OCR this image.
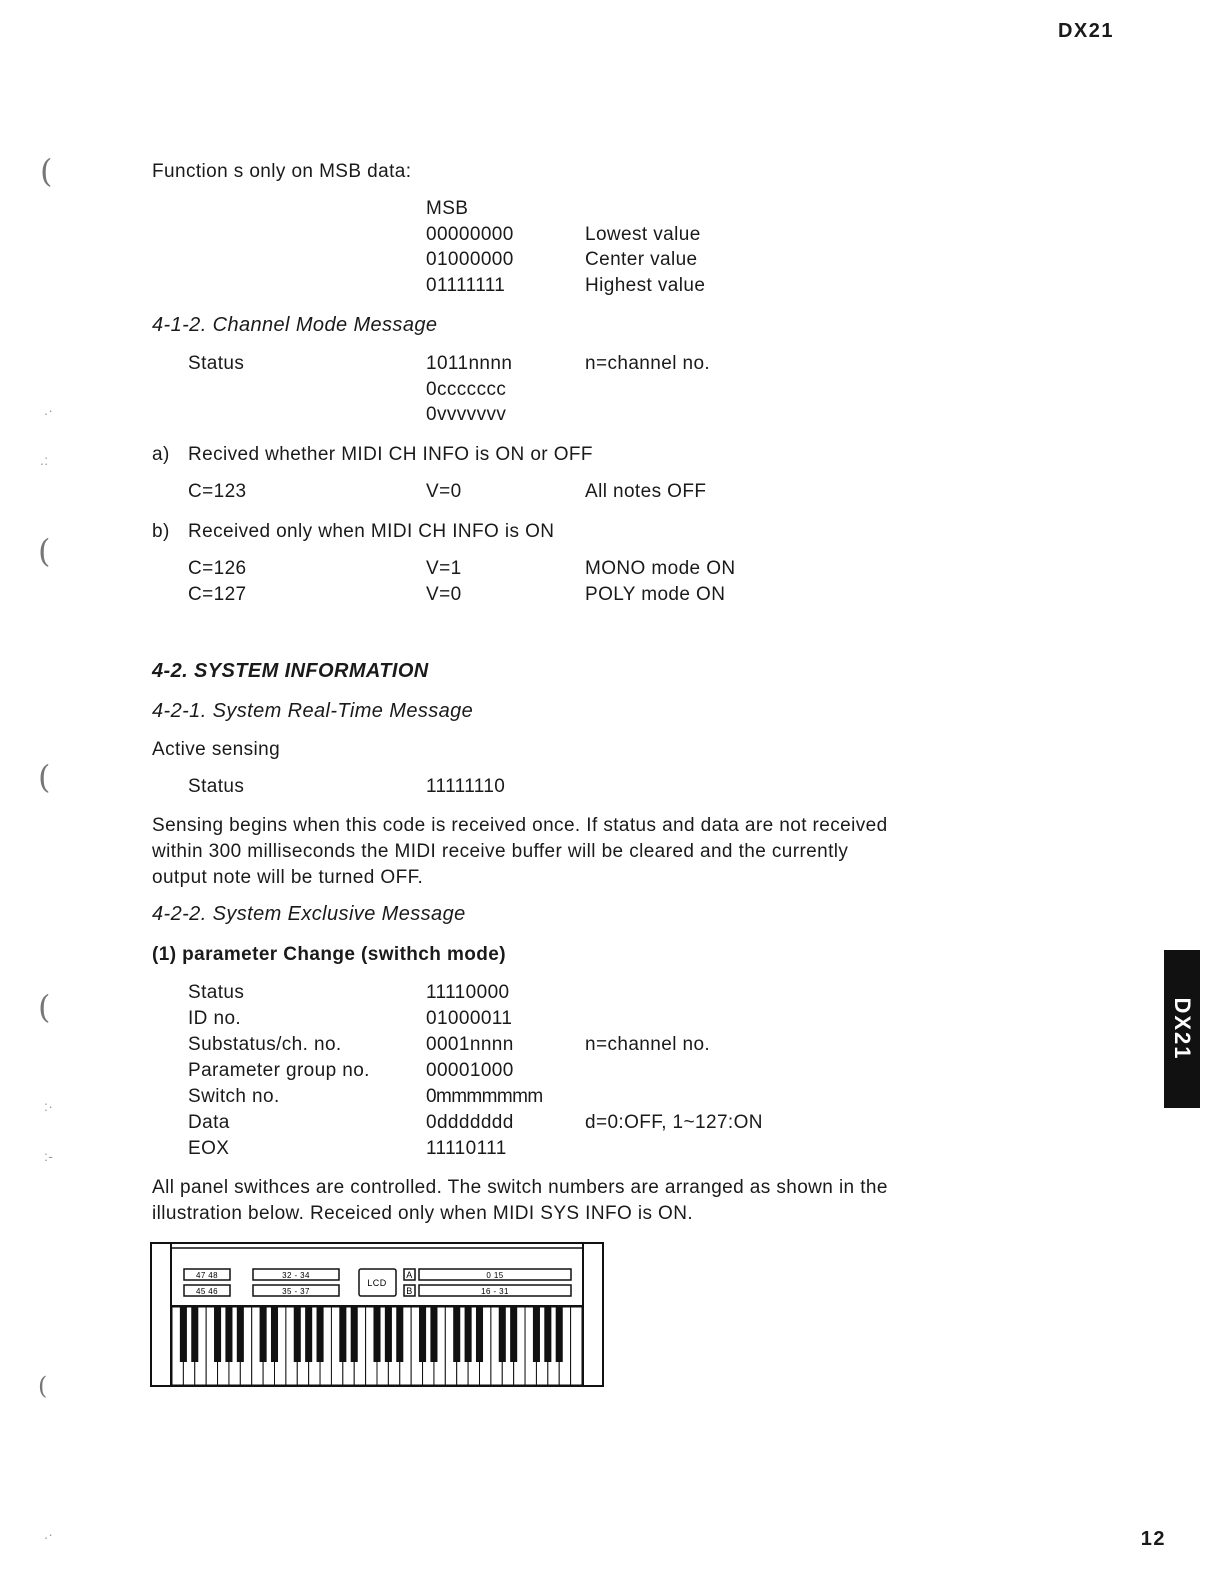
DX21
12
DX21
(
(
(
(
(
.·
.:
:·
:-
.·
Function s only on MSB data:
MSB
00000000	Lowest value
01000000	Center value
01111111	Highest value
4-1-2. Channel Mode Message
Status	1011nnnn	n=channel no.
0ccccccc
0vvvvvvv
a) Recived whether MIDI CH INFO is ON or OFF
C=123	V=0	All notes OFF
b) Received only when MIDI CH INFO is ON
C=126	V=1	MONO mode ON
C=127	V=0	POLY mode ON
4-2. SYSTEM INFORMATION
4-2-1. System Real-Time Message
Active sensing
Status	11111110
Sensing begins when this code is received once. If status and data are not received within 300 milliseconds the MIDI receive buffer will be cleared and the currently output note will be turned OFF.
4-2-2. System Exclusive Message
(1) parameter Change (swithch mode)
Status	11110000
ID no.	01000011
Substatus/ch. no.	0001nnnn	n=channel no.
Parameter group no.	00001000
Switch no.	0mmmmmmm
Data	0ddddddd	d=0:OFF, 1~127:ON
EOX	11110111
All panel swithces are controlled. The switch numbers are arranged as shown in the illustration below. Receiced only when MIDI SYS INFO is ON.
47 48
45 46
32 - 34
35 - 37
LCD
A
B
0 15
16 - 31
